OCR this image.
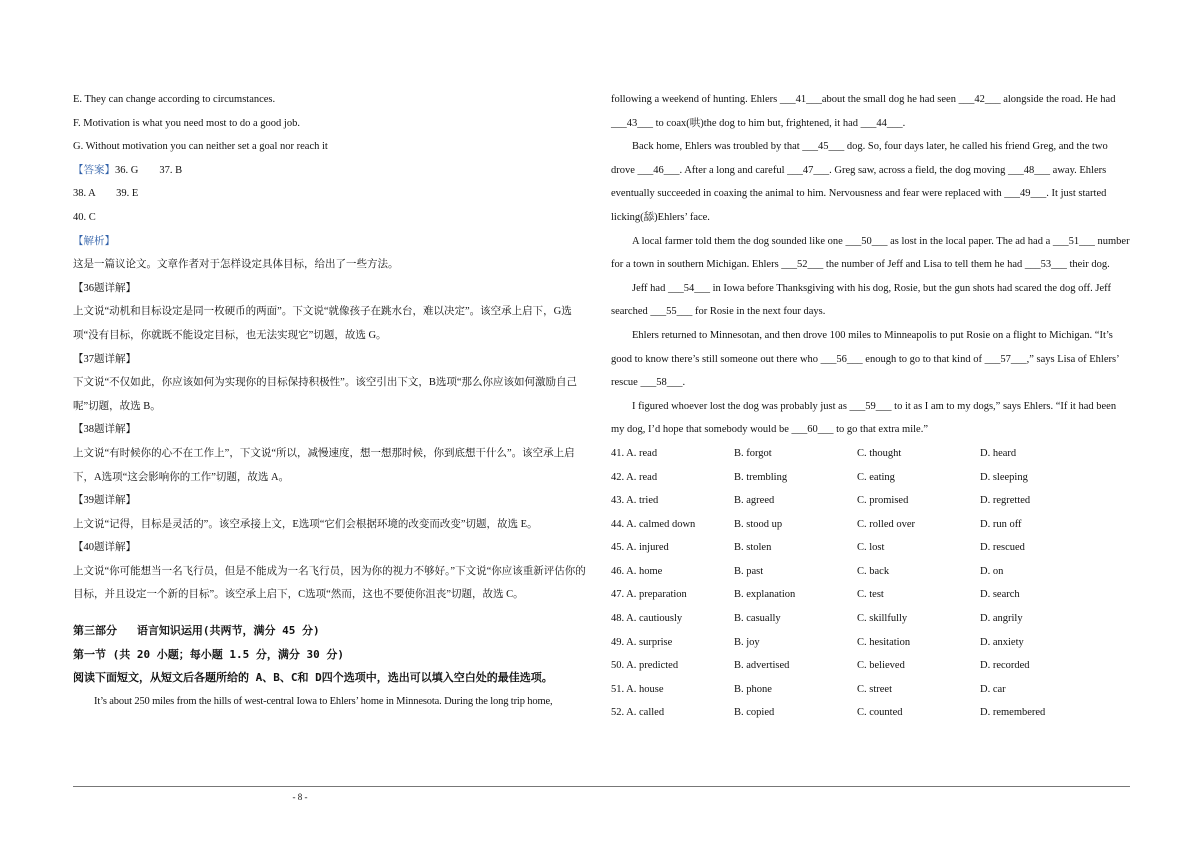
E. They can change according to circumstances.

F. Motivation is what you need most to do a good job.

G. Without motivation you can neither set a goal nor reach it

【答案】36. G        37. B

38. A        39. E

40. C

【解析】

这是一篇议论文。文章作者对于怎样设定具体目标，给出了一些方法。

【36题详解】

上文说“动机和目标设定是同一枚硬币的两面”。下文说“就像孩子在跳水台，难以决定”。该空承上启下，G选项“没有目标，你就既不能设定目标，也无法实现它”切题，故选 G。

【37题详解】

下文说“不仅如此，你应该如何为实现你的目标保持积极性”。该空引出下文，B选项“那么你应该如何激励自己呢”切题，故选 B。

【38题详解】

上文说“有时候你的心不在工作上”，下文说“所以，减慢速度，想一想那时候，你到底想干什么”。该空承上启下，A选项“这会影响你的工作”切题，故选 A。

【39题详解】

上文说“记得，目标是灵活的”。该空承接上文，E选项“它们会根据环境的改变而改变”切题，故选 E。

【40题详解】

上文说“你可能想当一名飞行员，但是不能成为一名飞行员，因为你的视力不够好。”下文说“你应该重新评估你的目标，并且设定一个新的目标”。该空承上启下，C选项“然而，这也不要使你沮丧”切题，故选 C。

第三部分   语言知识运用(共两节，满分 45 分)

第一节 (共 20 小题；每小题 1.5 分，满分 30 分)

阅读下面短文，从短文后各题所给的 A、B、C和 D四个选项中，选出可以填入空白处的最佳选项。

It’s about 250 miles from the hills of west-central Iowa to Ehlers’ home in Minnesota. During the long trip home,

following a weekend of hunting. Ehlers ___41___about the small dog he had seen ___42___ alongside the road. He had ___43___ to coax(哄)the dog to him but, frightened, it had ___44___.

Back home, Ehlers was troubled by that ___45___ dog. So, four days later, he called his friend Greg, and the two drove ___46___. After a long and careful ___47___. Greg saw, across a field, the dog moving ___48___ away. Ehlers eventually succeeded in coaxing the animal to him. Nervousness and fear were replaced with ___49___. It just started licking(舔)Ehlers’ face.

A local farmer told them the dog sounded like one ___50___ as lost in the local paper. The ad had a ___51___ number for a town in southern Michigan. Ehlers ___52___ the number of Jeff and Lisa to tell them he had ___53___ their dog.

Jeff had ___54___ in Iowa before Thanksgiving with his dog, Rosie, but the gun shots had scared the dog off. Jeff searched ___55___ for Rosie in the next four days.

Ehlers returned to Minnesotan, and then drove 100 miles to Minneapolis to put Rosie on a flight to Michigan. “It’s good to know there’s still someone out there who ___56___ enough to go to that kind of ___57___,” says Lisa of Ehlers’ rescue ___58___.

I figured whoever lost the dog was probably just as ___59___ to it as I am to my dogs,” says Ehlers. “If it had been my dog, I’d hope that somebody would be ___60___ to go that extra mile.”

41. A. read	B. forgot	C. thought	D. heard
42. A. read	B. trembling	C. eating	D. sleeping
43. A. tried	B. agreed	C. promised	D. regretted
44. A. calmed down	B. stood up	C. rolled over	D. run off
45. A. injured	B. stolen	C. lost	D. rescued
46. A. home	B. past	C. back	D. on
47. A. preparation	B. explanation	C. test	D. search
48. A. cautiously	B. casually	C. skillfully	D. angrily
49. A. surprise	B. joy	C. hesitation	D. anxiety
50. A. predicted	B. advertised	C. believed	D. recorded
51. A. house	B. phone	C. street	D. car
52. A. called	B. copied	C. counted	D. remembered
- 8 -
